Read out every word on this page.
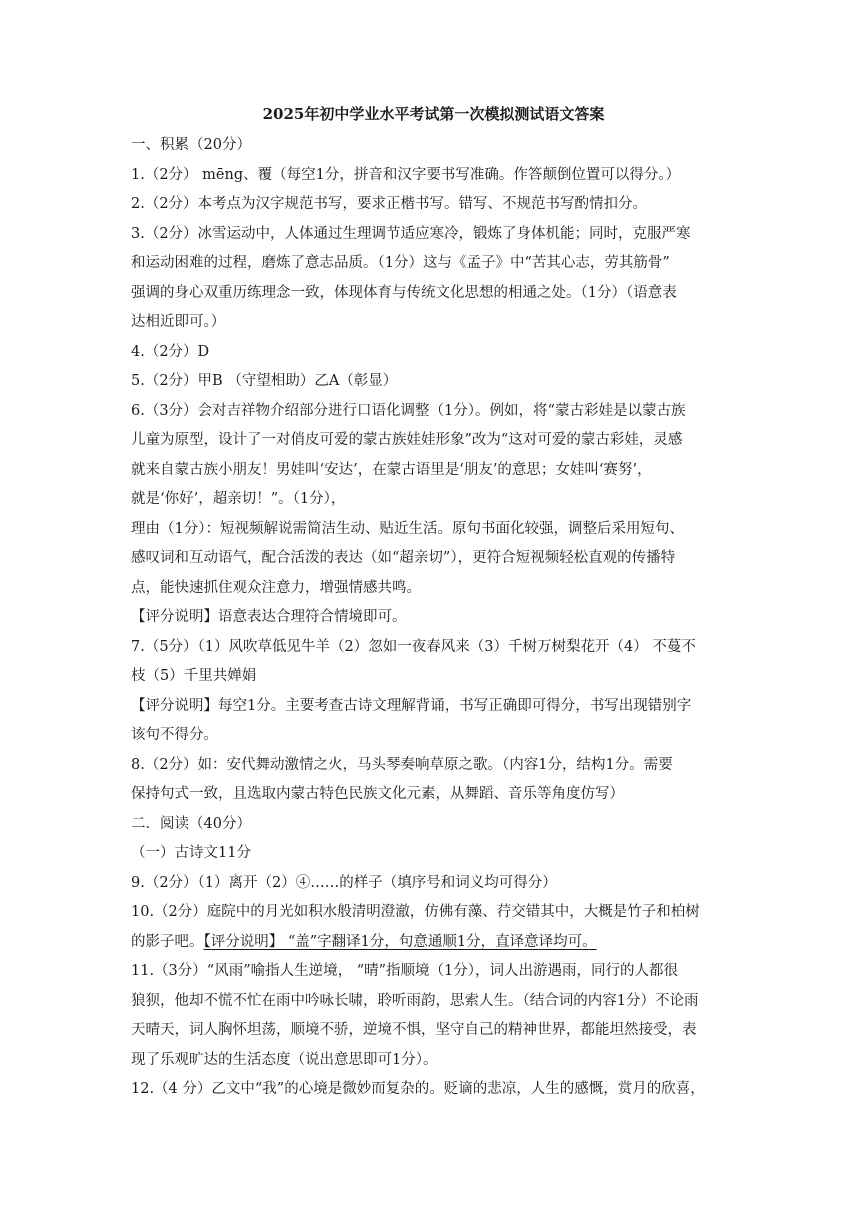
2025年初中学业水平考试第一次模拟测试语文答案
一、积累（20分）
1.（2分） mēng、覆（每空1分，拼音和汉字要书写准确。作答颠倒位置可以得分。）
2.（2分）本考点为汉字规范书写，要求正楷书写。错写、不规范书写酌情扣分。
3.（2分）冰雪运动中，人体通过生理调节适应寒冷，锻炼了身体机能；同时，克服严寒
和运动困难的过程，磨炼了意志品质。（1分）这与《孟子》中“苦其心志，劳其筋骨”
强调的身心双重历练理念一致，体现体育与传统文化思想的相通之处。（1分）（语意表
达相近即可。）
4.（2分）D
5.（2分）甲B （守望相助）乙A（彰显）
6.（3分）会对吉祥物介绍部分进行口语化调整（1分）。例如，将“蒙古彩娃是以蒙古族
儿童为原型，设计了一对俏皮可爱的蒙古族娃娃形象”改为“这对可爱的蒙古彩娃，灵感
就来自蒙古族小朋友！男娃叫‘安达’，在蒙古语里是‘朋友’的意思；女娃叫‘赛努’，
就是‘你好’，超亲切！”。（1分），
理由（1分）：短视频解说需简洁生动、贴近生活。原句书面化较强，调整后采用短句、
感叹词和互动语气，配合活泼的表达（如“超亲切”），更符合短视频轻松直观的传播特
点，能快速抓住观众注意力，增强情感共鸣。
【评分说明】语意表达合理符合情境即可。
7.（5分）（1）风吹草低见牛羊（2）忽如一夜春风来（3）千树万树梨花开（4） 不蔓不
枝（5）千里共婵娟
【评分说明】每空1分。主要考查古诗文理解背诵，书写正确即可得分，书写出现错别字
该句不得分。
8.（2分）如：安代舞动激情之火，马头琴奏响草原之歌。（内容1分，结构1分。需要
保持句式一致，且选取内蒙古特色民族文化元素，从舞蹈、音乐等角度仿写）
二．阅读（40分）
（一）古诗文11分
9.（2分）（1）离开（2）④……的样子（填序号和词义均可得分）
10.（2分）庭院中的月光如积水般清明澄澈，仿佛有藻、荇交错其中，大概是竹子和柏树
的影子吧。【评分说明】 “盖”字翻译1分，句意通顺1分，直译意译均可。
11.（3分）“风雨”喻指人生逆境， “晴”指顺境（1分），词人出游遇雨，同行的人都很
狼狈，他却不慌不忙在雨中吟咏长啸，聆听雨韵，思索人生。（结合词的内容1分）不论雨
天晴天，词人胸怀坦荡，顺境不骄，逆境不惧，坚守自己的精神世界，都能坦然接受，表
现了乐观旷达的生活态度（说出意思即可1分）。
12.（4 分）乙文中“我”的心境是微妙而复杂的。贬谪的悲凉，人生的感慨，赏月的欣喜，
